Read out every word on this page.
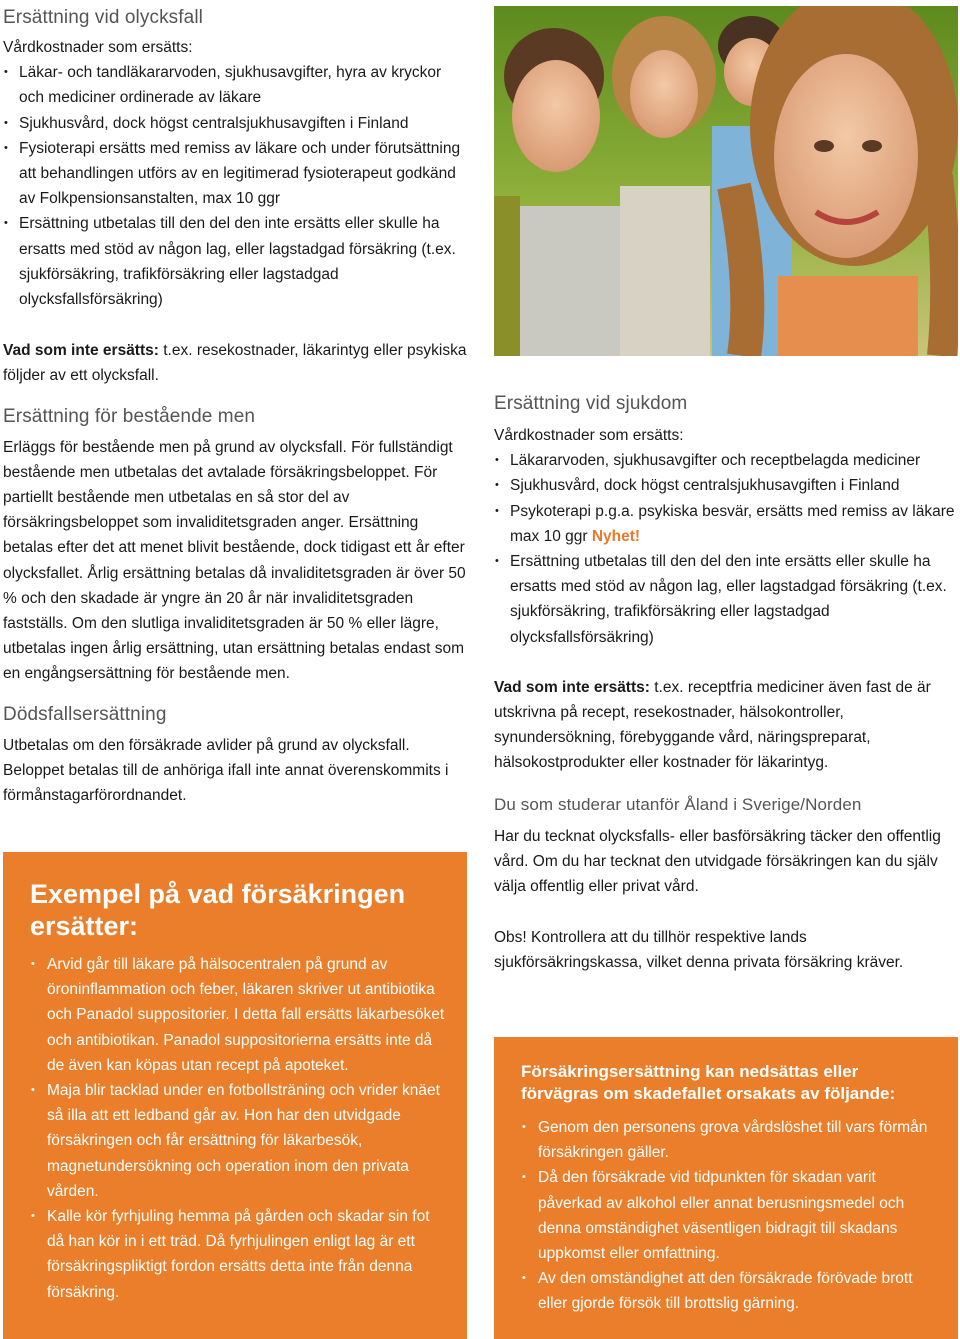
Ersättning vid olycksfall

Vårdkostnader som ersätts:

• Läkar- och tandläkararvoden, sjukhusavgifter, hyra av kryckor och mediciner ordinerade av läkare
• Sjukhusvård, dock högst centralsjukhusavgiften i Finland
• Fysioterapi ersätts med remiss av läkare och under förutsättning att behandlingen utförs av en legitimerad fysioterapeut godkänd av Folkpensionsanstalten, max 10 ggr
• Ersättning utbetalas till den del den inte ersätts eller skulle ha ersatts med stöd av någon lag, eller lagstadgad försäkring (t.ex. sjukförsäkring, trafikförsäkring eller lagstadgad olycksfallsförsäkring)

Vad som inte ersätts: t.ex. resekostnader, läkarintyg eller psykiska följder av ett olycksfall.

Ersättning för bestående men

Erläggs för bestående men på grund av olycksfall. För fullständigt bestående men utbetalas det avtalade försäkringsbeloppet. För partiellt bestående men utbetalas en så stor del av försäkringsbeloppet som invaliditetsgraden anger. Ersättning betalas efter det att menet blivit bestående, dock tidigast ett år efter olycksfallet. Årlig ersättning betalas då invaliditetsgraden är över 50 % och den skadade är yngre än 20 år när invaliditetsgraden fastställs. Om den slutliga invaliditetsgraden är 50 % eller lägre, utbetalas ingen årlig ersättning, utan ersättning betalas endast som en engångsersättning för bestående men.

Dödsfallsersättning

Utbetalas om den försäkrade avlider på grund av olycksfall. Beloppet betalas till de anhöriga ifall inte annat överenskommits i förmånstagarförordnandet.

Ersättning vid sjukdom

Vårdkostnader som ersätts:

• Läkararvoden, sjukhusavgifter och receptbelagda mediciner
• Sjukhusvård, dock högst centralsjukhusavgiften i Finland
• Psykoterapi p.g.a. psykiska besvär, ersätts med remiss av läkare max 10 ggr Nyhet!
• Ersättning utbetalas till den del den inte ersätts eller skulle ha ersatts med stöd av någon lag, eller lagstadgad försäkring (t.ex. sjukförsäkring, trafikförsäkring eller lagstadgad olycksfallsförsäkring)

Vad som inte ersätts: t.ex. receptfria mediciner även fast de är utskrivna på recept, resekostnader, hälsokontroller, synundersökning, förebyggande vård, näringspreparat, hälsokostprodukter eller kostnader för läkarintyg.

Du som studerar utanför Åland i Sverige/Norden

Har du tecknat olycksfalls- eller basförsäkring täcker den offentlig vård. Om du har tecknat den utvidgade försäkringen kan du själv välja offentlig eller privat vård.

Obs! Kontrollera att du tillhör respektive lands sjukförsäkringskassa, vilket denna privata försäkring kräver.

Exempel på vad försäkringen ersätter:
• Arvid går till läkare på hälsocentralen på grund av öroninflammation och feber, läkaren skriver ut antibiotika och Panadol suppositorier. I detta fall ersätts läkarbesöket och antibiotikan. Panadol suppositorierna ersätts inte då de även kan köpas utan recept på apoteket.
• Maja blir tacklad under en fotbollsträning och vrider knäet så illa att ett ledband går av. Hon har den utvidgade försäkringen och får ersättning för läkarbesök, magnetundersökning och operation inom den privata vården.
• Kalle kör fyrhjuling hemma på gården och skadar sin fot då han kör in i ett träd. Då fyrhjulingen enligt lag är ett försäkringspliktigt fordon ersätts detta inte från denna försäkring.
Försäkringsersättning kan nedsättas eller förvägras om skadefallet orsakats av följande:
• Genom den personens grova vårdslöshet till vars förmån försäkringen gäller.
• Då den försäkrade vid tidpunkten för skadan varit påverkad av alkohol eller annat berusningsmedel och denna omständighet väsentligen bidragit till skadans uppkomst eller omfattning.
• Av den omständighet att den försäkrade förövade brott eller gjorde försök till brottslig gärning.
